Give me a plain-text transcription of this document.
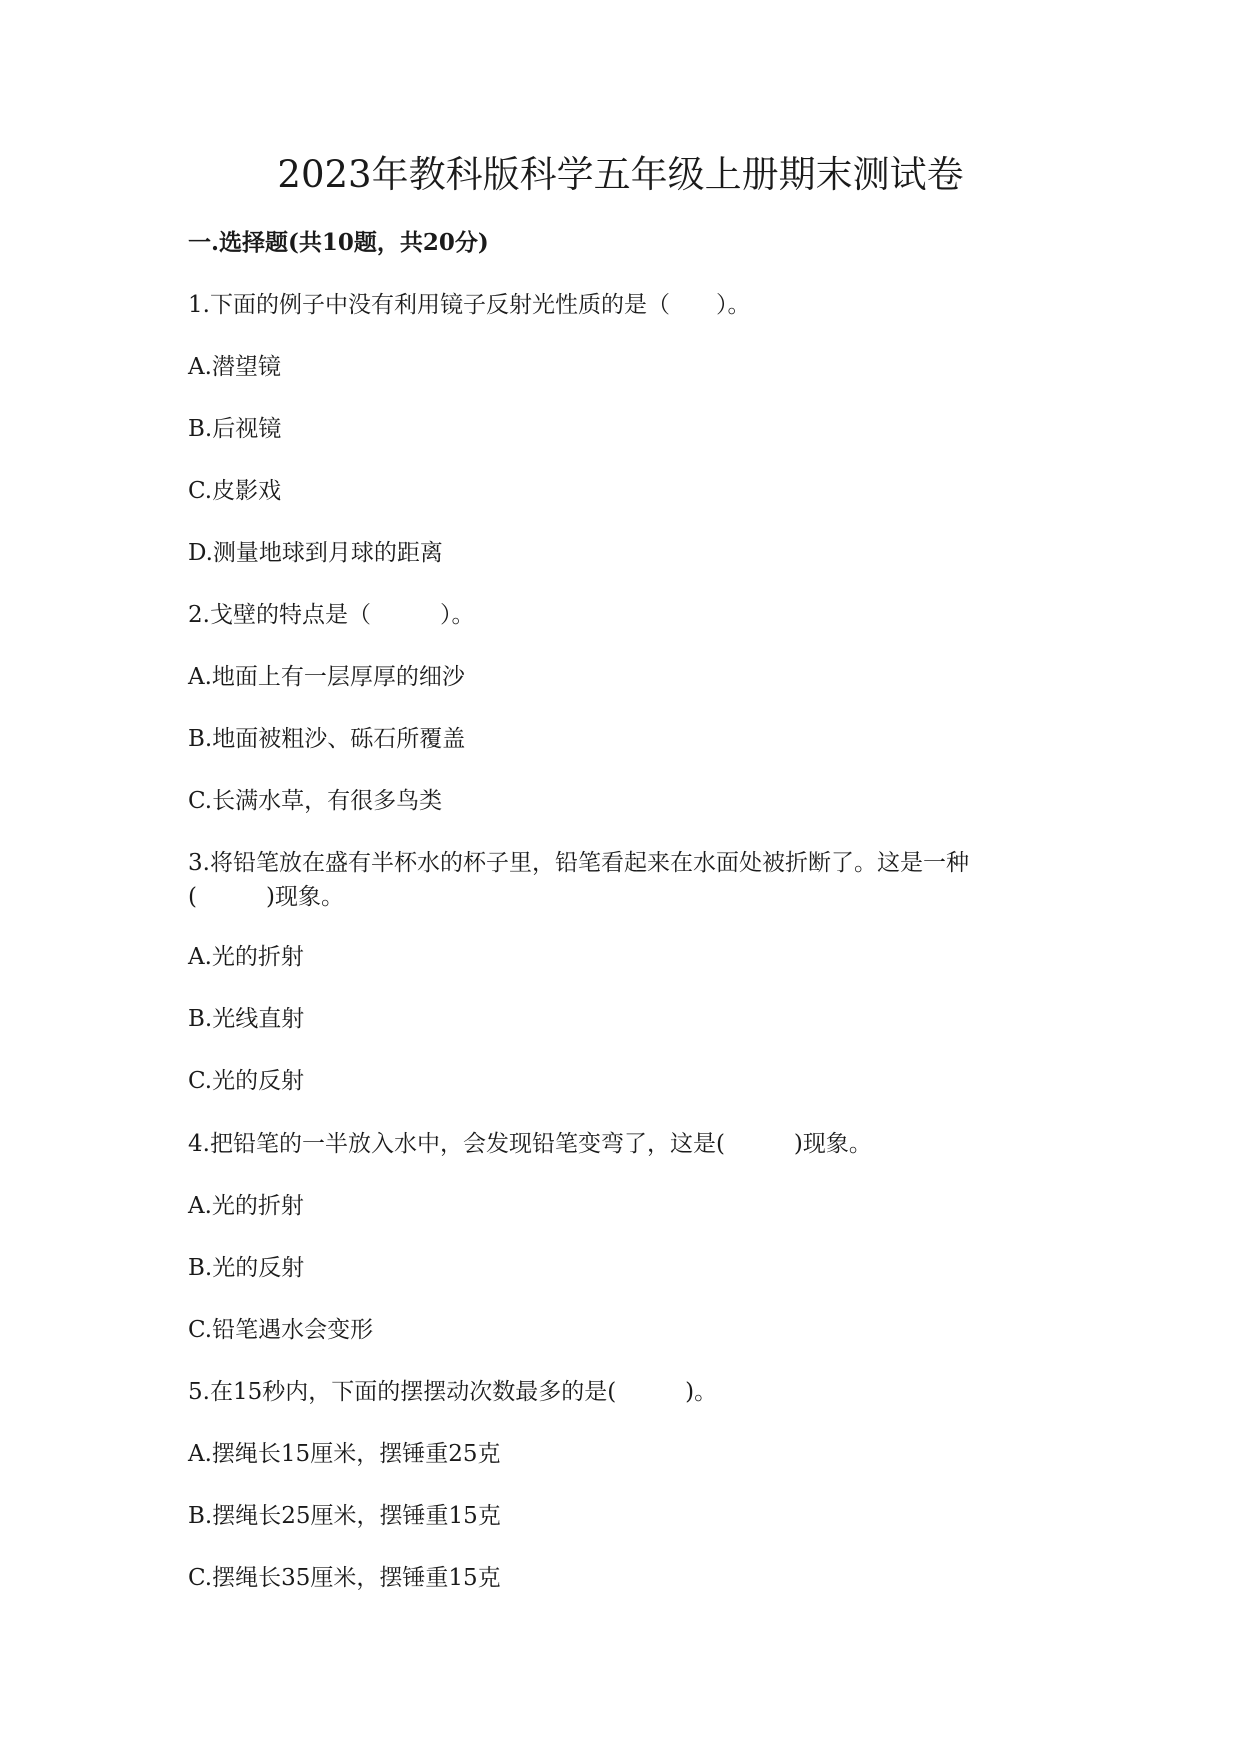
2023年教科版科学五年级上册期末测试卷
一.选择题(共10题，共20分)

1.下面的例子中没有利用镜子反射光性质的是（　　）。

A.潜望镜

B.后视镜

C.皮影戏

D.测量地球到月球的距离

2.戈壁的特点是（　　　）。

A.地面上有一层厚厚的细沙

B.地面被粗沙、砾石所覆盖

C.长满水草，有很多鸟类

3.将铅笔放在盛有半杯水的杯子里，铅笔看起来在水面处被折断了。这是一种

(　　　)现象。

A.光的折射

B.光线直射

C.光的反射

4.把铅笔的一半放入水中，会发现铅笔变弯了，这是(　　　)现象。

A.光的折射

B.光的反射

C.铅笔遇水会变形

5.在15秒内，下面的摆摆动次数最多的是(　　　)。

A.摆绳长15厘米，摆锤重25克

B.摆绳长25厘米，摆锤重15克

C.摆绳长35厘米，摆锤重15克
